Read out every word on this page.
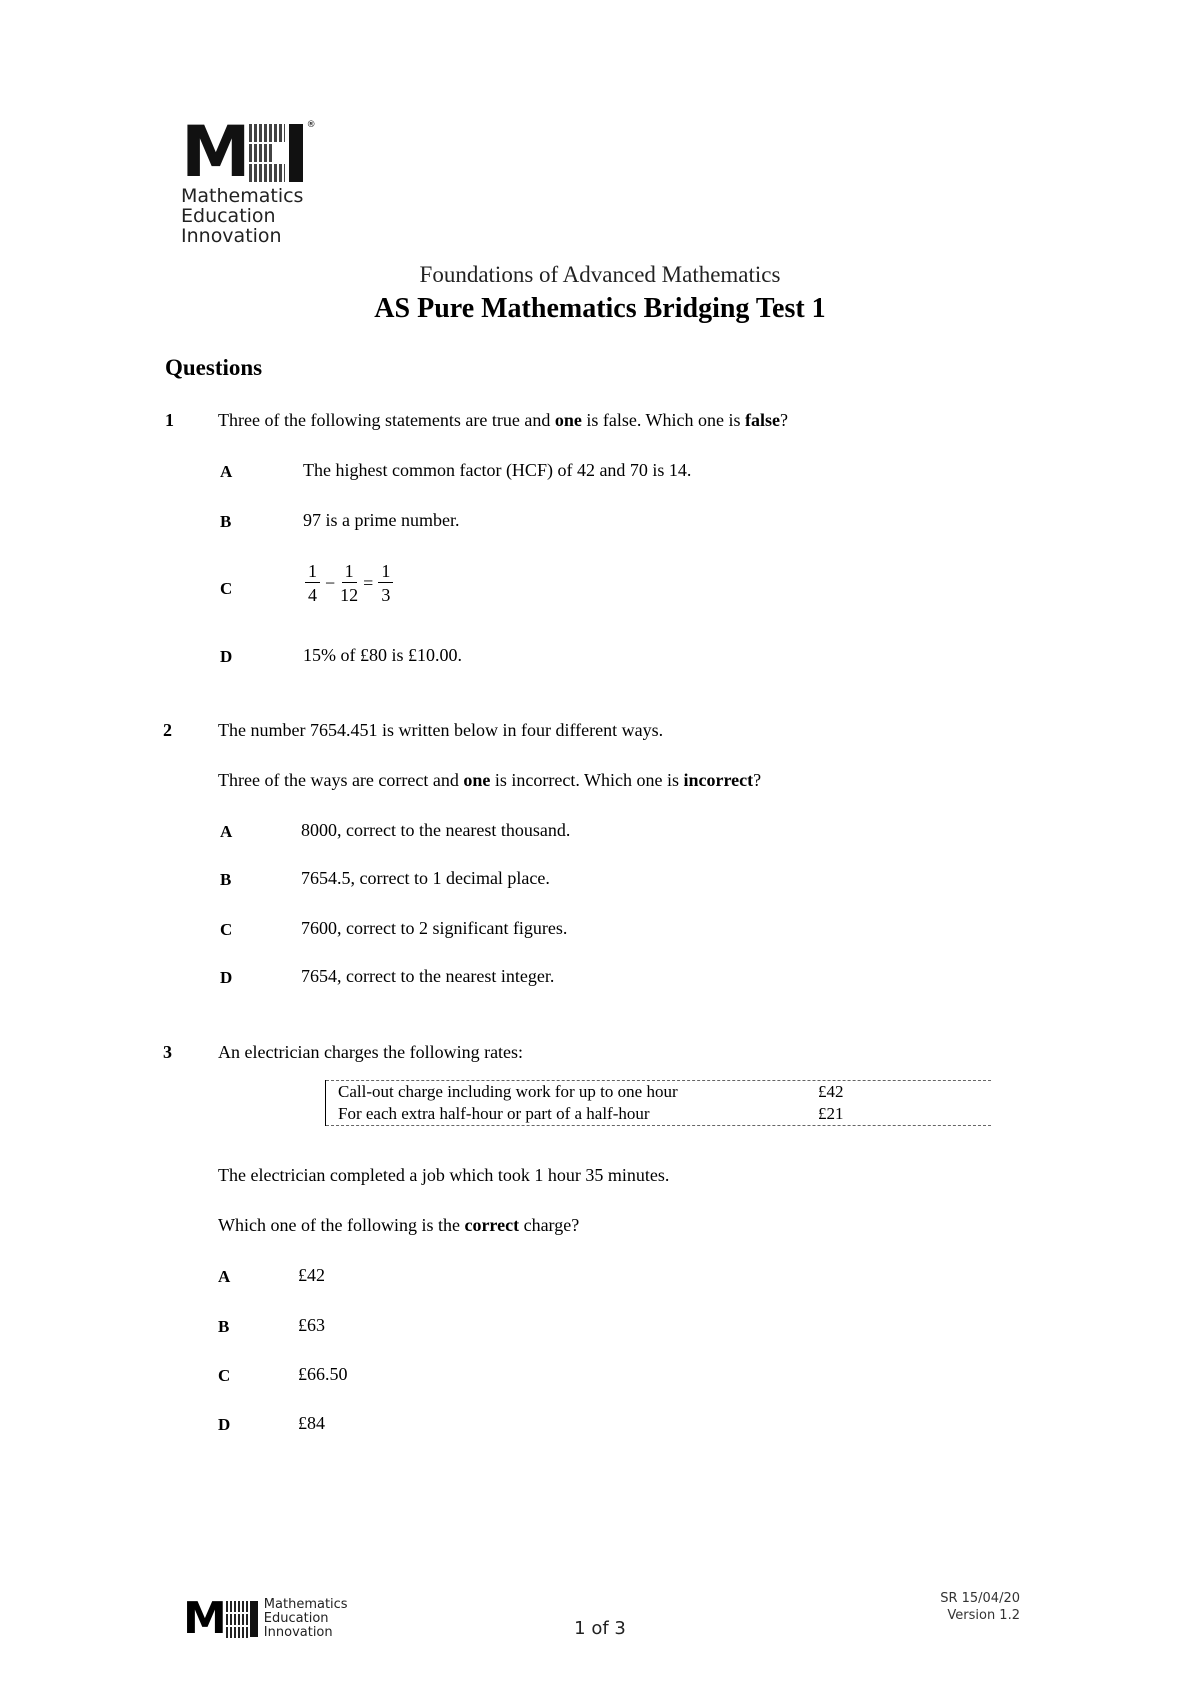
M	®
Mathematics
Education
Innovation
Foundations of Advanced Mathematics
AS Pure Mathematics Bridging Test 1
Questions
1 Three of the following statements are true and one is false. Which one is false?
A	The highest common factor (HCF) of 42 and 70 is 14.
B	97 is a prime number.
C	$\frac{1}{4} - \frac{1}{12} = \frac{1}{3}$
D	15% of £80 is £10.00.
2	The number 7654.451 is written below in four different ways.
Three of the ways are correct and one is incorrect. Which one is incorrect?
A	8000, correct to the nearest thousand.
B	7654.5, correct to 1 decimal place.
C	7600, correct to 2 significant figures.
D	7654, correct to the nearest integer.
3	An electrician charges the following rates:
Call-out charge including work for up to one hour	£42
For each extra half-hour or part of a half-hour	£21
The electrician completed a job which took 1 hour 35 minutes.
Which one of the following is the correct charge?
A	£42
B	£63
C	£66.50
D	£84
M	Mathematics
Education
Innovation	1 of 3
SR 15/04/20
Version 1.2
